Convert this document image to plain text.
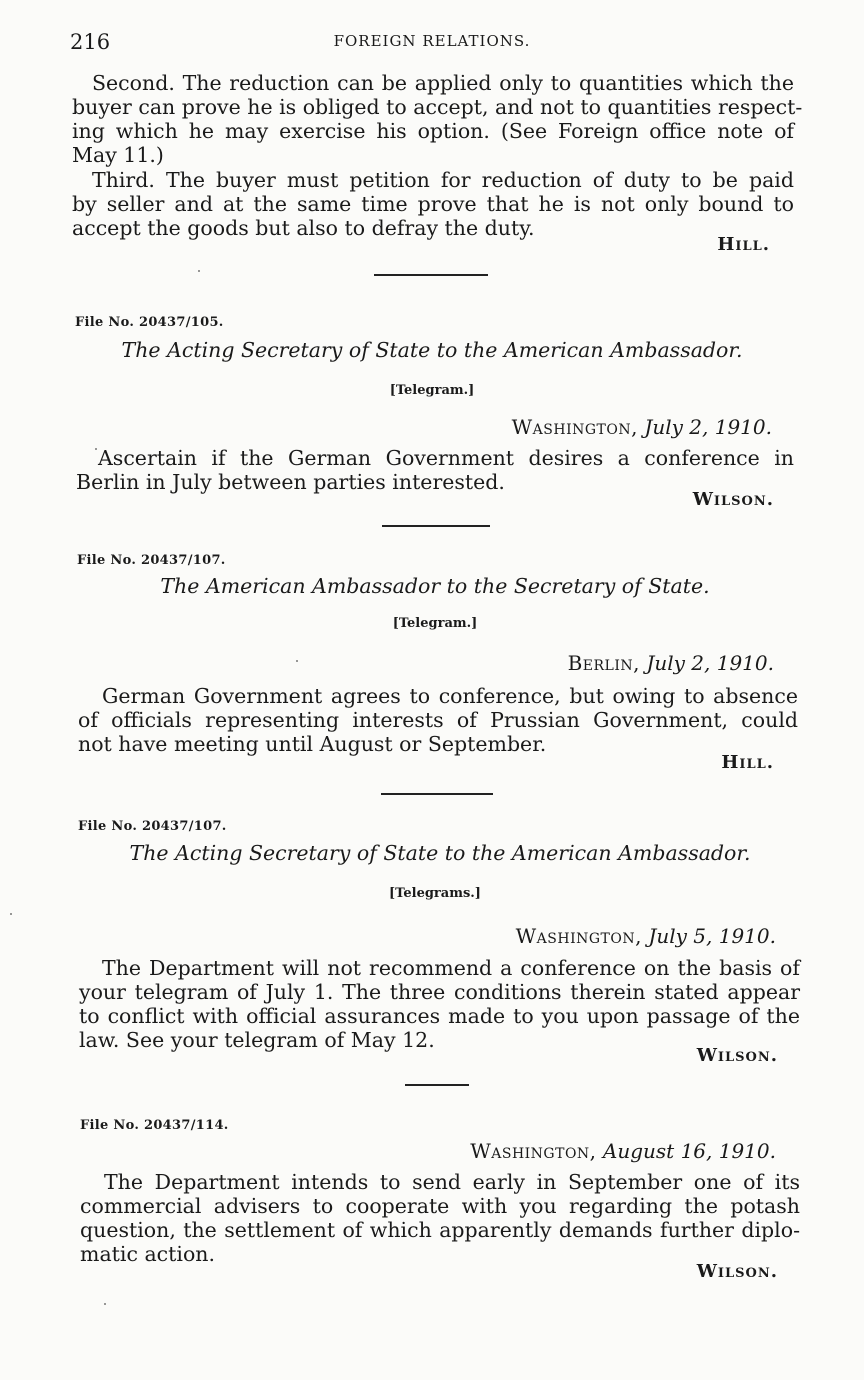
216	FOREIGN RELATIONS.
Second. The reduction can be applied only to quantities which the
buyer can prove he is obliged to accept, and not to quantities respect-
ing which he may exercise his option. (See Foreign office note of
May 11.)
Third. The buyer must petition for reduction of duty to be paid
by seller and at the same time prove that he is not only bound to
accept the goods but also to defray the duty.
Hill.
File No. 20437/105.
The Acting Secretary of State to the American Ambassador.
[Telegram.]
Washington, July 2, 1910.
Ascertain if the German Government desires a conference in
Berlin in July between parties interested.
Wilson.
File No. 20437/107.
The American Ambassador to the Secretary of State.
[Telegram.]
Berlin, July 2, 1910.
German Government agrees to conference, but owing to absence
of officials representing interests of Prussian Government, could
not have meeting until August or September.
Hill.
File No. 20437/107.
The Acting Secretary of State to the American Ambassador.
[Telegrams.]
Washington, July 5, 1910.
The Department will not recommend a conference on the basis of
your telegram of July 1. The three conditions therein stated appear
to conflict with official assurances made to you upon passage of the
law. See your telegram of May 12.
Wilson.
File No. 20437/114.
Washington, August 16, 1910.
The Department intends to send early in September one of its
commercial advisers to cooperate with you regarding the potash
question, the settlement of which apparently demands further diplo-
matic action.
Wilson.
